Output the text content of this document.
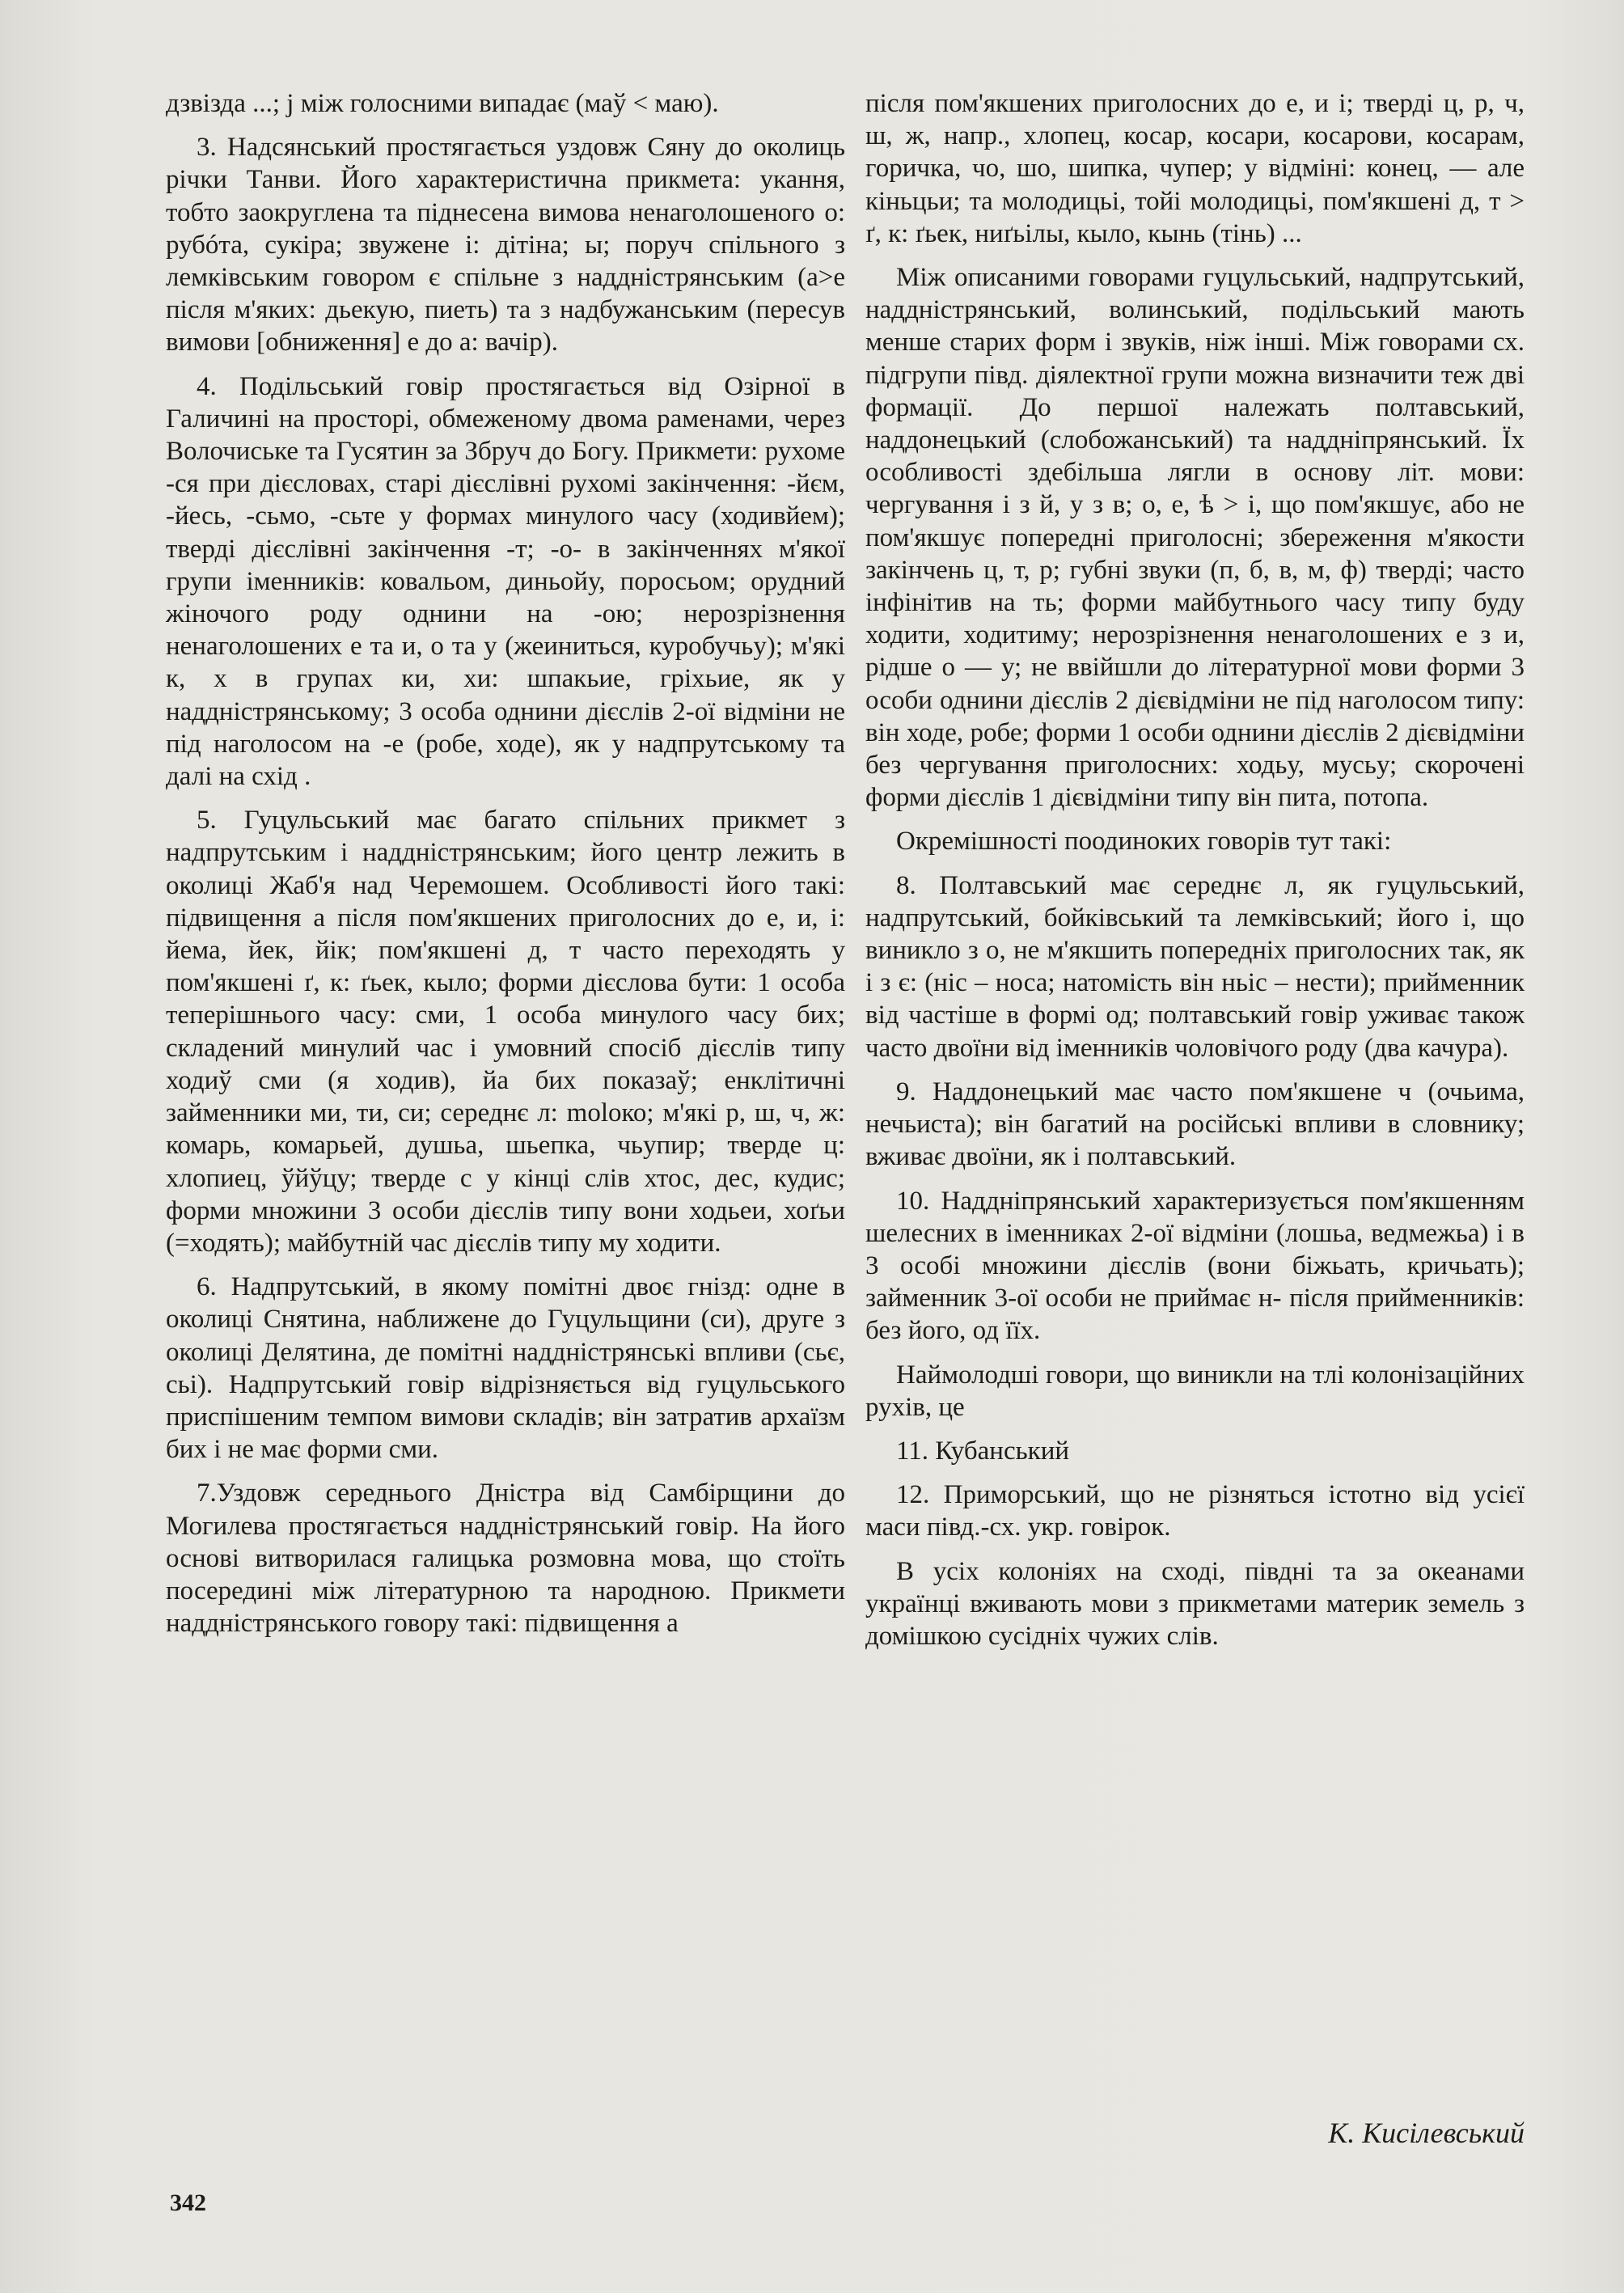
дзвізда ...; j між голосними випадає (маў < маю).

3. Надсянський простягається уздовж Сяну до околиць річки Танви. Його характеристична прикмета: укання, тобто заокруглена та піднесена вимова ненаголошеного о: рубóта, сукіра; звужене і: дітіна; ы; поруч спільного з лемківським говором є спільне з наддністрянським (а>е після м'яких: дьекую, пиеть) та з надбужанським (пересув вимови [обниження] е до а: вачір).

4. Подільський говір простягається від Озірної в Галичині на просторі, обмеженому двома раменами, через Волочиське та Гусятин за Збруч до Богу. Прикмети: рухоме -ся при дієсловах, старі дієслівні рухомі закінчення: -йєм, -йесь, -сьмо, -сьте у формах минулого часу (ходивйем); тверді дієслівні закінчення -т; -о- в закінченнях м'якої групи іменників: ковальом, диньойу, поросьом; орудний жіночого роду однини на -ою; нерозрізнення ненаголошених е та и, о та у (жеиниться, куробучьу); м'які к, х в групах ки, хи: шпакьие, гріхьие, як у наддністрянському; 3 особа однини дієслів 2-ої відміни не під наголосом на -е (робе, ходе), як у надпрутському та далі на схід .

5. Гуцульський має багато спільних прикмет з надпрутським і наддністрянським; його центр лежить в околиці Жаб'я над Черемошем. Особливості його такі: підвищення а після пом'якшених приголосних до е, и, і: йема, йек, йік; пом'якшені д, т часто переходять у пом'якшені ґ, к: ґьек, кыло; форми дієслова бути: 1 особа теперішнього часу: сми, 1 особа минулого часу бих; складений минулий час і умовний спосіб дієслів типу ходиў сми (я ходив), йа бих показаў; енклітичні займенники ми, ти, си; середнє л: moloко; м'які р, ш, ч, ж: комарь, комарьей, душьа, шьепка, чьупир; тверде ц: хлопиец, ўйўцу; тверде с у кінці слів хтос, дес, кудис; форми множини 3 особи дієслів типу вони ходьеи, хоґьи (=ходять); майбутній час дієслів типу му ходити.

6. Надпрутський, в якому помітні двоє гнізд: одне в околиці Снятина, наближене до Гуцульщини (си), друге з околиці Делятина, де помітні наддністрянські впливи (сьє, сьі). Надпрутський говір відрізняється від гуцульського приспішеним темпом вимови складів; він затратив архаїзм бих і не має форми сми.

7.Уздовж середнього Дністра від Самбірщини до Могилева простягається наддністрянський говір. На його основі витворилася галицька розмовна мова, що стоїть посередині між літературною та народною. Прикмети наддністрянського говору такі: підвищення а

після пом'якшених приголосних до е, и і; тверді ц, р, ч, ш, ж, напр., хлопец, косар, косари, косарови, косарам, горичка, чо, шо, шипка, чупер; у відміні: конец, — але кіньцьи; та молодицьі, тойі молодицьі, пом'якшені д, т > ґ, к: ґьек, ниґьілы, кыло, кынь (тінь) ...

Між описаними говорами гуцульський, надпрутський, наддністрянський, волинський, подільський мають менше старих форм і звуків, ніж інші. Між говорами сх. підгрупи півд. діялектної групи можна визначити теж дві формації. До першої належать полтавський, наддонецький (слобожанський) та наддніпрянський. Їх особливості здебільша лягли в основу літ. мови: чергування і з й, у з в; о, е, ѣ > і, що пом'якшує, або не пом'якшує попередні приголосні; збереження м'якости закінчень ц, т, р; губні звуки (п, б, в, м, ф) тверді; часто інфінітив на ть; форми майбутнього часу типу буду ходити, ходитиму; нерозрізнення ненаголошених е з и, рідше о — у; не ввійшли до літературної мови форми 3 особи однини дієслів 2 дієвідміни не під наголосом типу: він ходе, робе; форми 1 особи однини дієслів 2 дієвідміни без чергування приголосних: ходьу, мусьу; скорочені форми дієслів 1 дієвідміни типу він пита, потопа.

Окремішності поодиноких говорів тут такі:

8. Полтавський має середнє л, як гуцульський, надпрутський, бойківський та лемківський; його і, що виникло з о, не м'якшить попередніх приголосних так, як і з є: (ніс – носа; натомість він ньіс – нести); прийменник від частіше в формі од; полтавський говір уживає також часто двоїни від іменників чоловічого роду (два качура).

9. Наддонецький має часто пом'якшене ч (очьима, нечьиста); він багатий на російські впливи в словнику; вживає двоїни, як і полтавський.

10. Наддніпрянський характеризується пом'якшенням шелесних в іменниках 2-ої відміни (лошьа, ведмежьа) і в 3 особі множини дієслів (вони біжьать, кричьать); займенник 3-ої особи не приймає н- після прийменників: без його, од їїх.

Наймолодші говори, що виникли на тлі колонізаційних рухів, це

11. Кубанський

12. Приморський, що не різняться істотно від усієї маси півд.-сх. укр. говірок.

В усіх колоніях на сході, півдні та за океанами українці вживають мови з прикметами материк земель з домішкою сусідніх чужих слів.

К. Кисілевський
342
